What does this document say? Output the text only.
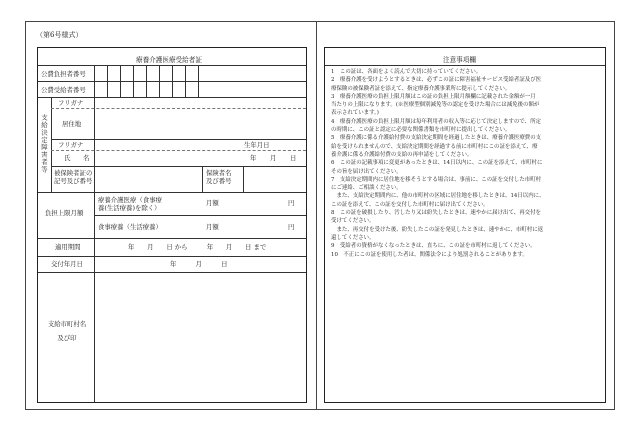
（第6号様式）
療養介護医療受給者証
公費負担者番号
公費受給者番号
支給決定障害者等
フリガナ
居住地
フリガナ	生年月日
氏　　名	年 月 日
被保険者証の
記号及び番号
保険者名
及び番号
負担上限月額
療養介護医療（食事療
養(生活療養)を除く）
月額	円
食事療養（生活療養）	月額	円
適用期間	年　　月　　日 から　　　年　　月　　日 まで
交付年月日	年　　　月　　　日
支給市町村名
及び印
注意事項欄
1　この証は、各面をよく読んで大切に持っていてください。
2　療養介護を受けようとするときは、必ずこの証に障害福祉サービス受給者証及び医
療保険の被保険者証を添えて、指定療養介護事業所に提示してください。
3　療養介護医療の負担上限月額はこの証の負担上限月額欄に記載された金額が一月
当たりの上限になります。(※医療型個別減免等の認定を受けた場合には減免後の額が
表示されています。)
4　療養介護医療の負担上限月額は毎年利用者の収入等に応じて決定しますので、所定
の時期に、この証と認定に必要な関係書類を市町村に提出してください。
5　療養介護に係る介護給付費の支給決定期間を経過したときは、療養介護医療費の支
給を受けられませんので、支給決定期間を経過する前に市町村にこの証を添えて、療
養介護に係る介護給付費の支給の再申請をしてください。
6　この証の記載事項に変更があったときは、14日以内に、この証を添えて、市町村に
その旨を届け出てください。
7　支給決定期間内に居住地を移そうとする場合は、事前に、この証を交付した市町村
にご連絡、ご相談ください。
　また、支給決定期間内に、他の市町村の区域に居住地を移したときは、14日以内に、
この証を添えて、この証を交付した市町村に届け出てください。
8　この証を破損したり、汚したり又は紛失したときは、速やかに届け出て、再交付を
受けてください。
　また、再交付を受けた後、紛失したこの証を発見したときは、速やかに、市町村に返
還してください。
9　受給者の資格がなくなったときは、直ちに、この証を市町村に返してください。
10　不正にこの証を使用した者は、関係法令により処罰されることがあります。
